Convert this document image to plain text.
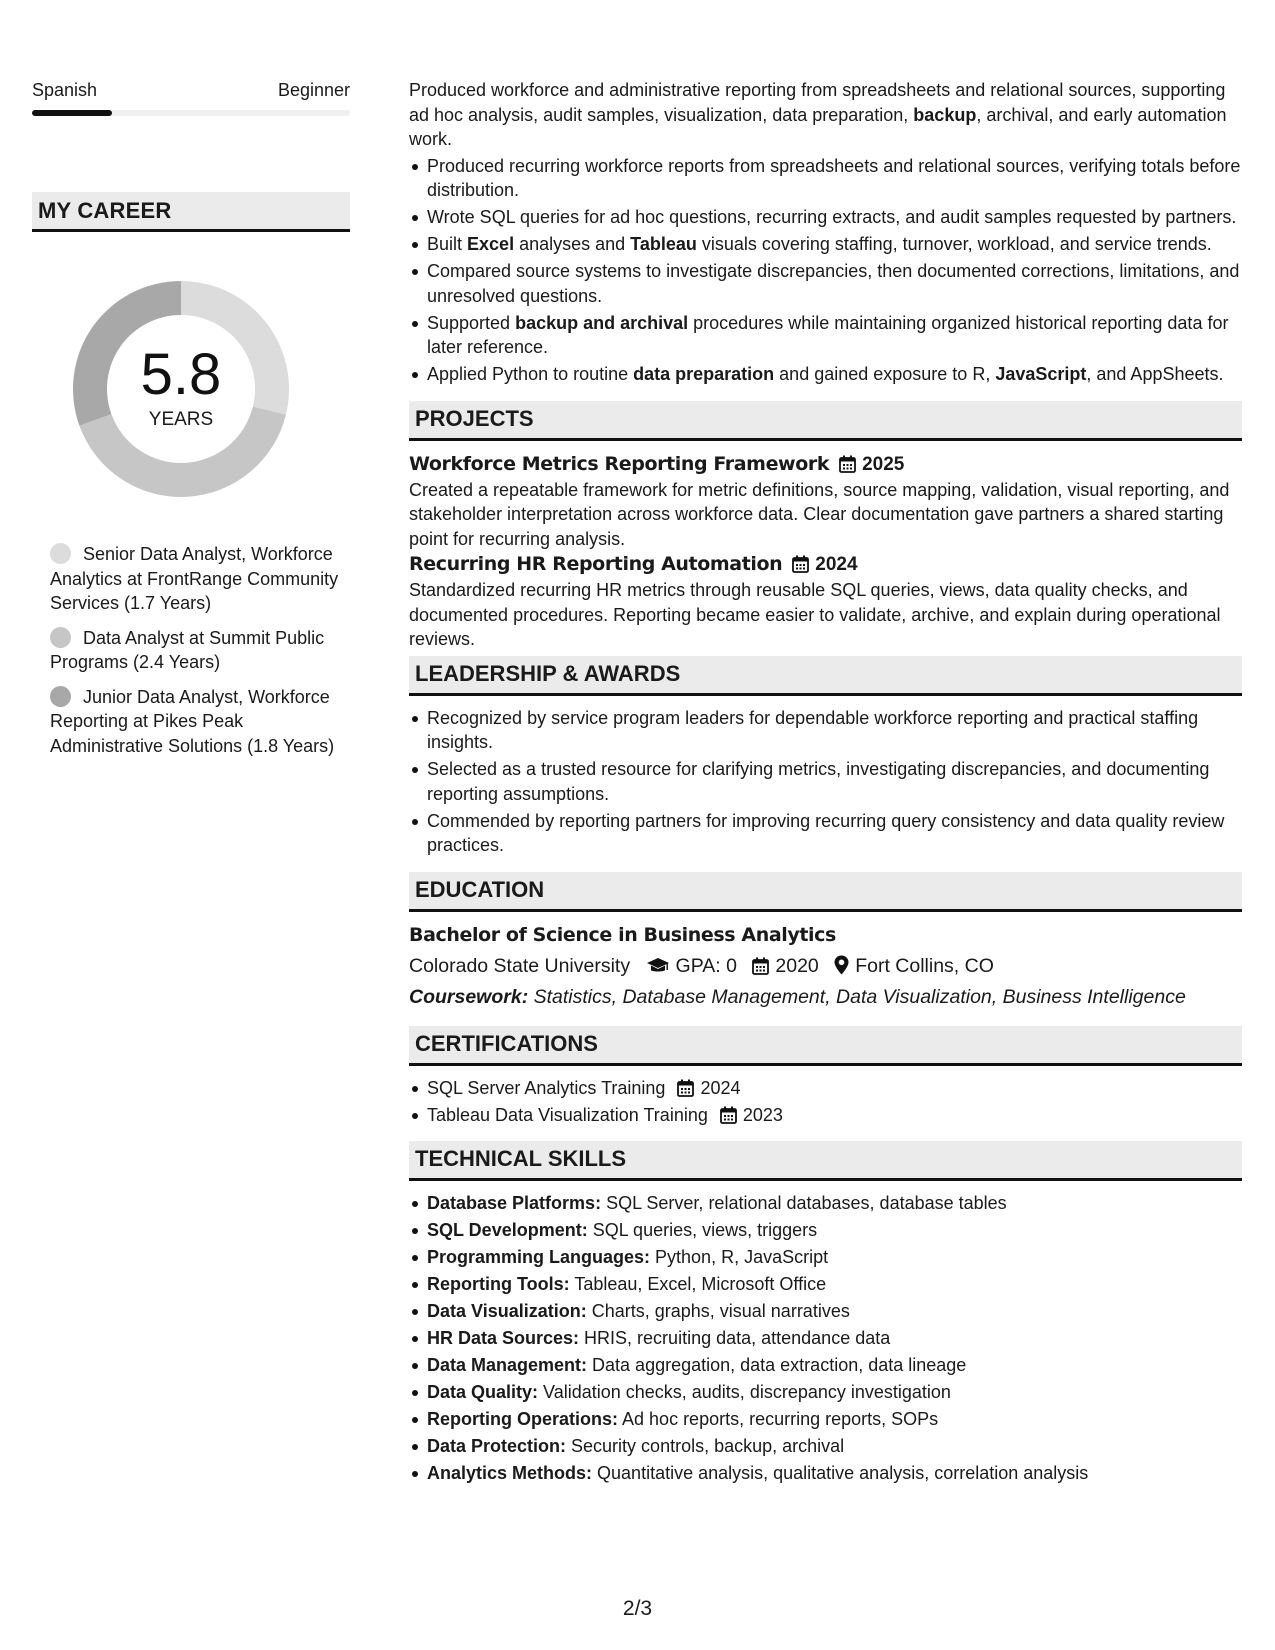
Spanish	Beginner
MY CAREER
5.8
YEARS
Senior Data Analyst, Workforce Analytics at FrontRange Community Services (1.7 Years)
Data Analyst at Summit Public Programs (2.4 Years)
Junior Data Analyst, Workforce Reporting at Pikes Peak Administrative Solutions (1.8 Years)

Produced workforce and administrative reporting from spreadsheets and relational sources, supporting ad hoc analysis, audit samples, visualization, data preparation, backup, archival, and early automation work.

Produced recurring workforce reports from spreadsheets and relational sources, verifying totals before distribution.
Wrote SQL queries for ad hoc questions, recurring extracts, and audit samples requested by partners.
Built Excel analyses and Tableau visuals covering staffing, turnover, workload, and service trends.
Compared source systems to investigate discrepancies, then documented corrections, limitations, and unresolved questions.
Supported backup and archival procedures while maintaining organized historical reporting data for later reference.
Applied Python to routine data preparation and gained exposure to R, JavaScript, and AppSheets.
PROJECTS
Workforce Metrics Reporting Framework 2025

Created a repeatable framework for metric definitions, source mapping, validation, visual reporting, and stakeholder interpretation across workforce data. Clear documentation gave partners a shared starting point for recurring analysis.

Recurring HR Reporting Automation 2024

Standardized recurring HR metrics through reusable SQL queries, views, data quality checks, and documented procedures. Reporting became easier to validate, archive, and explain during operational reviews.

LEADERSHIP & AWARDS
Recognized by service program leaders for dependable workforce reporting and practical staffing insights.
Selected as a trusted resource for clarifying metrics, investigating discrepancies, and documenting reporting assumptions.
Commended by reporting partners for improving recurring query consistency and data quality review practices.
EDUCATION
Bachelor of Science in Business Analytics
Colorado State University GPA: 0 2020 Fort Collins, CO
Coursework: Statistics, Database Management, Data Visualization, Business Intelligence
CERTIFICATIONS
SQL Server Analytics Training 2024
Tableau Data Visualization Training 2023
TECHNICAL SKILLS
Database Platforms: SQL Server, relational databases, database tables
SQL Development: SQL queries, views, triggers
Programming Languages: Python, R, JavaScript
Reporting Tools: Tableau, Excel, Microsoft Office
Data Visualization: Charts, graphs, visual narratives
HR Data Sources: HRIS, recruiting data, attendance data
Data Management: Data aggregation, data extraction, data lineage
Data Quality: Validation checks, audits, discrepancy investigation
Reporting Operations: Ad hoc reports, recurring reports, SOPs
Data Protection: Security controls, backup, archival
Analytics Methods: Quantitative analysis, qualitative analysis, correlation analysis
2/3
